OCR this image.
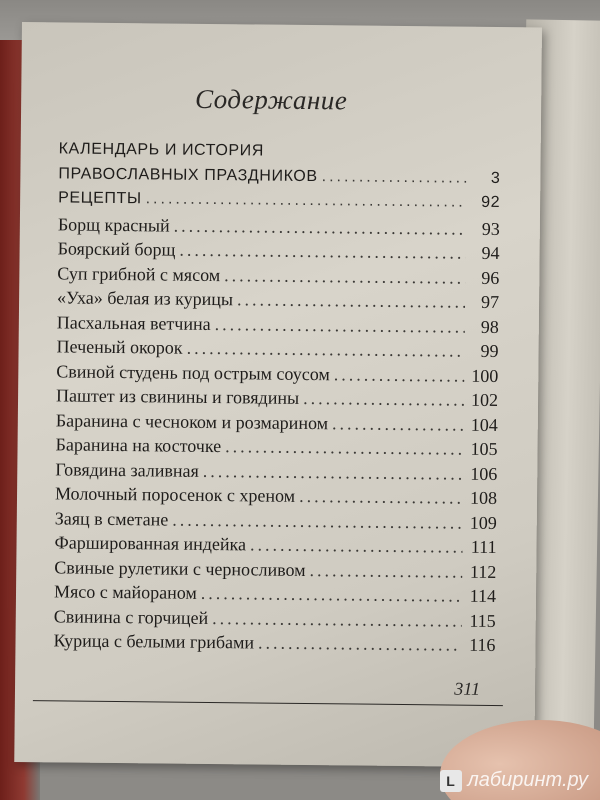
Содержание
КАЛЕНДАРЬ И ИСТОРИЯ
ПРАВОСЛАВНЫХ ПРАЗДНИКОВ .....	3
РЕЦЕПТЫ .....	92
Борщ красный .....	93
Боярский борщ .....	94
Суп грибной с мясом .....	96
«Уха» белая из курицы .....	97
Пасхальная ветчина .....	98
Печеный окорок .....	99
Свиной студень под острым соусом .....	100
Паштет из свинины и говядины .....	102
Баранина с чесноком и розмарином .....	104
Баранина на косточке .....	105
Говядина заливная .....	106
Молочный поросенок с хреном .....	108
Заяц в сметане .....	109
Фаршированная индейка .....	111
Свиные рулетики с черносливом .....	112
Мясо с майораном .....	114
Свинина с горчицей .....	115
Курица с белыми грибами .....	116
311
L лабиринт.ру
